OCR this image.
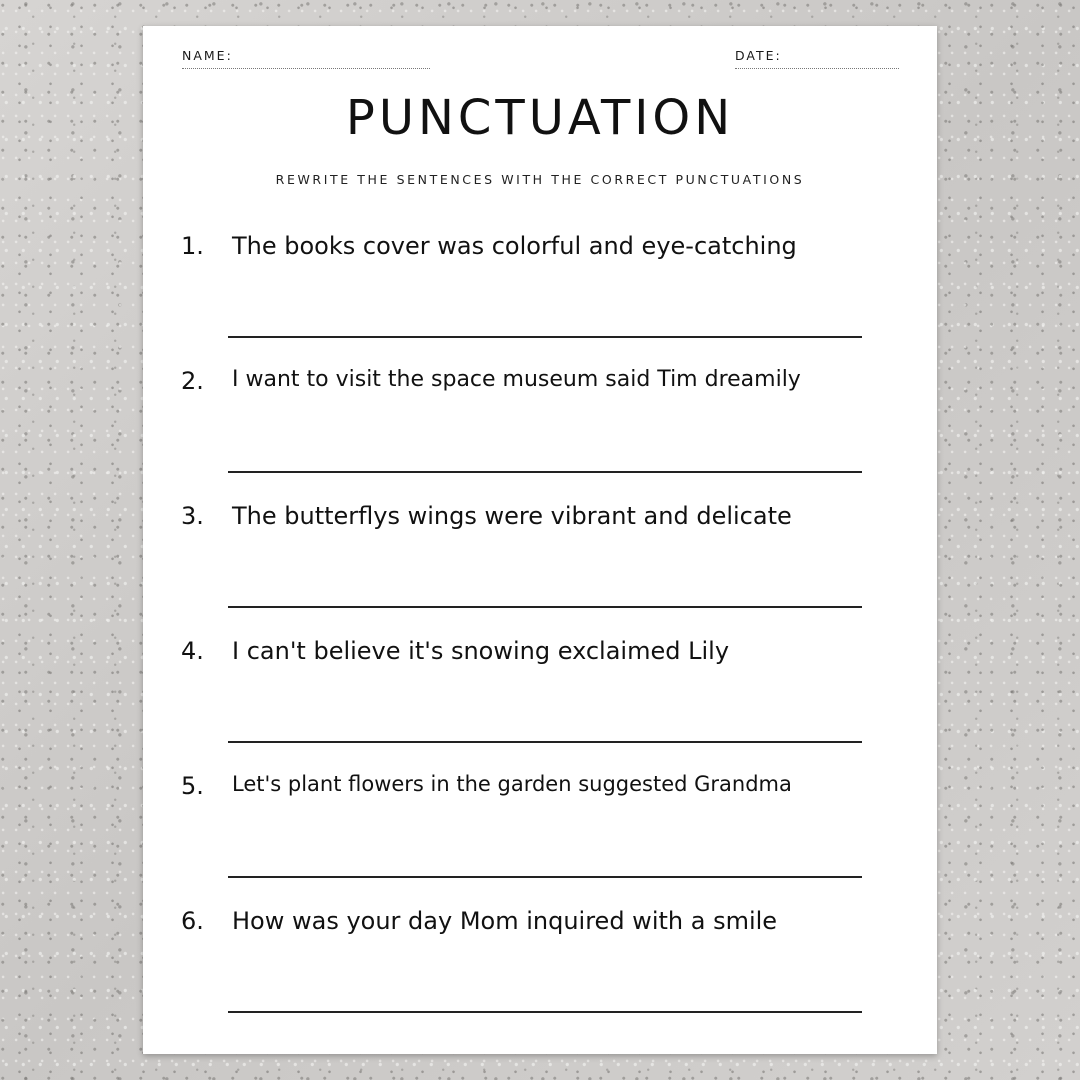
NAME:	DATE:
PUNCTUATION
REWRITE THE SENTENCES WITH THE CORRECT PUNCTUATIONS
1. The books cover was colorful and eye-catching
2. I want to visit the space museum said Tim dreamily
3. The butterflys wings were vibrant and delicate
4. I can't believe it's snowing exclaimed Lily
5. Let's plant flowers in the garden suggested Grandma
6. How was your day Mom inquired with a smile
